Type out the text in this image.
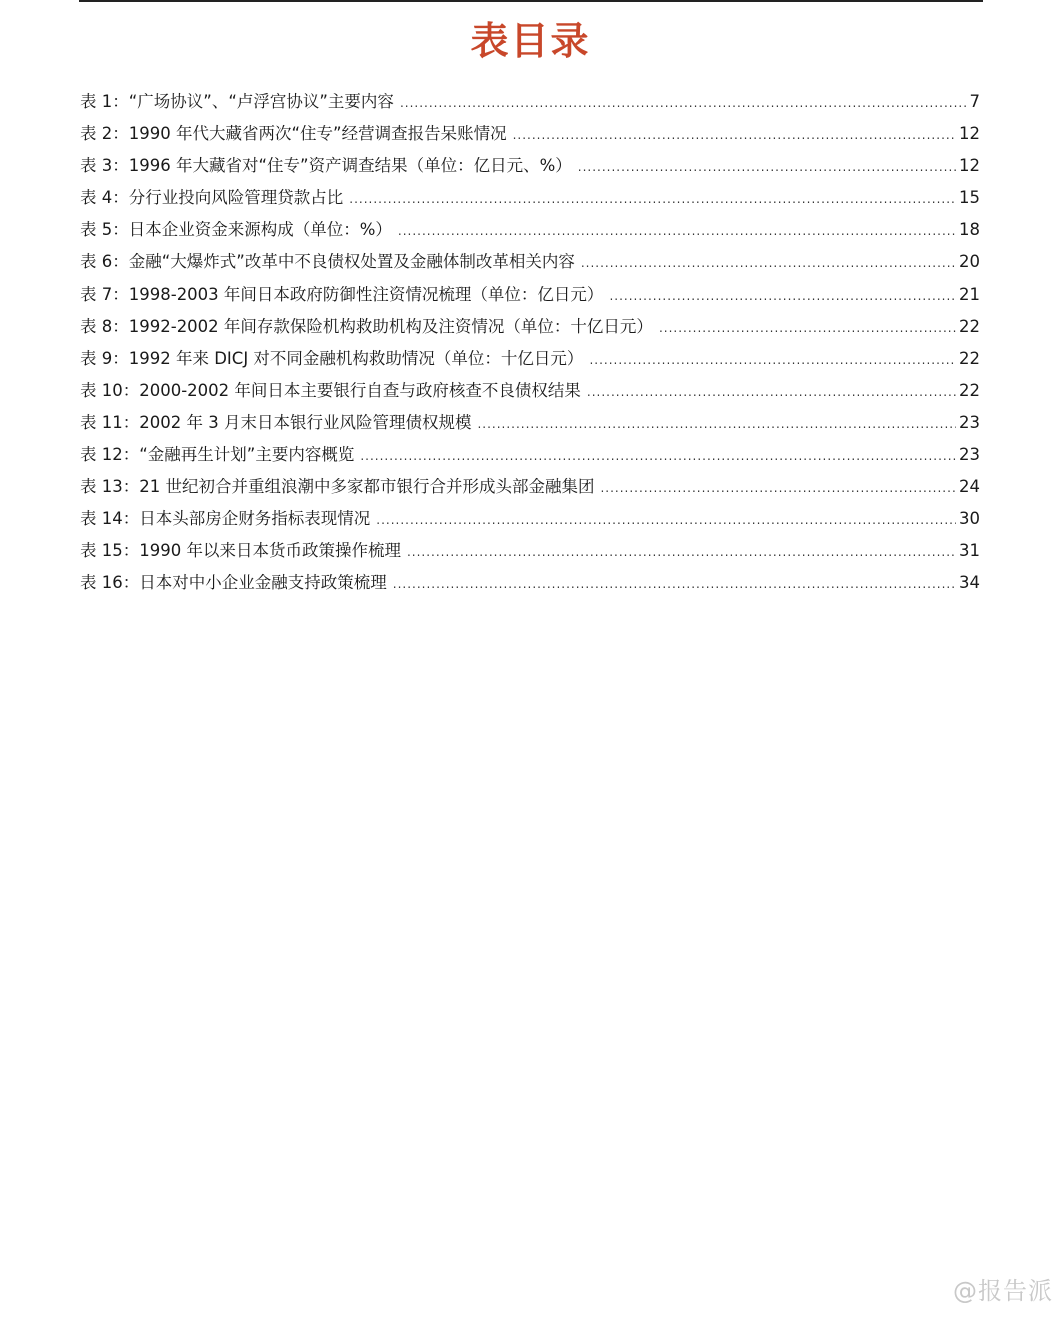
表目录
表 1：“广场协议”、“卢浮宫协议”主要内容 .....	7
表 2：1990 年代大藏省两次“住专”经营调查报告呆账情况 .....	12
表 3：1996 年大藏省对“住专”资产调查结果（单位：亿日元、%） .....	12
表 4：分行业投向风险管理贷款占比 .....	15
表 5：日本企业资金来源构成（单位：%） .....	18
表 6：金融“大爆炸式”改革中不良债权处置及金融体制改革相关内容 .....	20
表 7：1998-2003 年间日本政府防御性注资情况梳理（单位：亿日元） .....	21
表 8：1992-2002 年间存款保险机构救助机构及注资情况（单位：十亿日元） .....	22
表 9：1992 年来 DICJ 对不同金融机构救助情况（单位：十亿日元） .....	22
表 10：2000-2002 年间日本主要银行自查与政府核查不良债权结果 .....	22
表 11：2002 年 3 月末日本银行业风险管理债权规模 .....	23
表 12：“金融再生计划”主要内容概览 .....	23
表 13：21 世纪初合并重组浪潮中多家都市银行合并形成头部金融集团 .....	24
表 14：日本头部房企财务指标表现情况 .....	30
表 15：1990 年以来日本货币政策操作梳理 .....	31
表 16：日本对中小企业金融支持政策梳理 .....	34
@报告派
